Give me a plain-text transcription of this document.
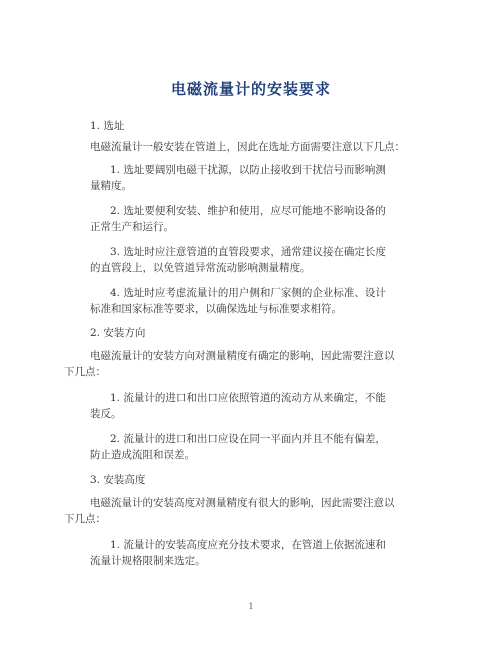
电磁流量计的安装要求
1. 选址
电磁流量计一般安装在管道上，因此在选址方面需要注意以下几点：
1. 选址要阔别电磁干扰源，以防止接收到干扰信号而影响测
量精度。
2. 选址要便利安装、维护和使用，应尽可能地不影响设备的
正常生产和运行。
3. 选址时应注意管道的直管段要求，通常建议接在确定长度
的直管段上，以免管道异常流动影响测量精度。
4. 选址时应考虑流量计的用户侧和厂家侧的企业标准、设计
标准和国家标准等要求，以确保选址与标准要求相符。
2. 安装方向
电磁流量计的安装方向对测量精度有确定的影响，因此需要注意以
下几点：
1. 流量计的进口和出口应依照管道的流动方从来确定，不能
装反。
2. 流量计的进口和出口应设在同一平面内并且不能有偏差，
防止造成流阻和误差。
3. 安装高度
电磁流量计的安装高度对测量精度有很大的影响，因此需要注意以
下几点：
1. 流量计的安装高度应充分技术要求，在管道上依据流速和
流量计规格限制来选定。
1
